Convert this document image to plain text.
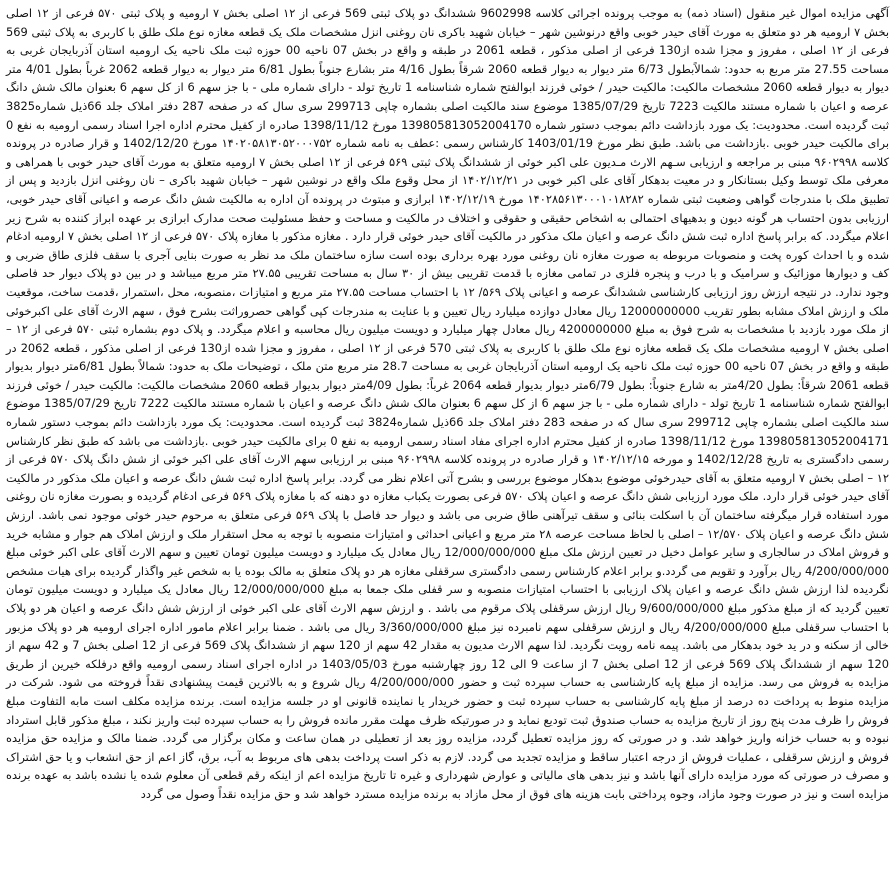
آگهی مزایده اموال غیر منقول (اسناد ذمه) به موجب پرونده اجرائی کلاسه 9602998 ششدانگ دو پلاک ثبتی 569 فرعی از ۱۲ اصلی بخش ۷ ارومیه و پلاک ثبتی ۵۷۰ فرعی از ۱۲ اصلی بخش ۷ ارومیه هر دو متعلق به مورث آقای حیدر خوبی واقع درنوشین شهر – خیابان شهید باکری نان روغنی انزل مشخصات ملک یک قطعه مغازه نوع ملک طلق با کاربری به پلاک ثبتی 569 فرعی از ۱۲ اصلی ، مفروز و مجزا شده از130 فرعی از اصلی مذکور ، قطعه 2061 در طبقه و واقع در بخش 07 ناحیه 00 حوزه ثبت ملک ناحیه یک ارومیه استان آذربایجان غربی به مساحت 27.55 متر مربع به حدود: شمالاًبطول 6/73 متر دیوار به دیوار قطعه 2060 شرقاً بطول 4/16 متر بشارع جنوباً بطول 6/81 متر دیوار به دیوار قطعه 2062 غرباً بطول 4/01 متر دیوار به دیوار قطعه 2060 مشخصات مالکیت: مالکیت حیدر / خوئی فرزند ابوالفتح شماره شناسنامه 1 تاریخ تولد - دارای شماره ملی - با جز سهم 6 از کل سهم 6 بعنوان مالک شش دانگ عرصه و اعیان با شماره مستند مالکیت 7223 تاریخ 1385/07/29 موضوع سند مالکیت اصلی بشماره چاپی 299713 سری سال که در صفحه 287 دفتر املاک جلد 66ذیل شماره3825 ثبت گردیده است. محدودیت: یک مورد بازداشت دائم بموجب دستور شماره 139805813052004170 مورخ 1398/11/12 صادره از کفیل محترم اداره اجرا اسناد رسمی ارومیه به نفع 0 برای مالکیت حیدر خوبی .بازداشت می باشد. طبق نظر مورخ 1403/01/19 کارشناس رسمی :عطف به نامه شماره ۱۴۰۲۰۵۸۱۳۰۵۲۰۰۰۷۵۲ مورخ 1402/12/20 و قرار صادره در پرونده کلاسه ۹۶۰۲۹۹۸ مبنی بر مراجعه و ارزیابی سـهم الارث مـدیون علی اکبر خوئی از ششدانگ پلاک ثبتی ۵۶۹ فرعی از ۱۲ اصلی بخش ۷ ارومیه متعلق به مورث آقای حیدر خوبی با همراهی و معرفی ملک توسط وکیل بستانکار و در معیت بدهکار آقای علی اکبر خوبی در ۱۴۰۲/۱۲/۲۱ از محل وقوع ملک واقع در نوشین شهر – خیابان شهید باکری – نان روغنی انزل بازدید و پس از تطبیق ملک با مندرجات گواهی وضعیت ثبتی شماره ۱۴۰۲۸۵۶۱۳۰۰۰۱۰۱۸۲۸۲ مورخ ۱۴۰۲/۱۲/۱۹ ابرازی و مبتوث در پرونده آن اداره به مالکیت شش دانگ عرصه و اعیانی آقای حیدر خوبی، ارزیابی بدون احتساب هر گونه دیون و بدهیهای احتمالی به اشخاص حقیقی و حقوقی و اختلاف در مالکیت و مساحت و حفظ مسئولیت صحت مدارک ابرازی بر عهده ابراز کننده به شرح زیر اعلام میگردد. که برابر پاسخ اداره ثبت شش دانگ عرصه و اعیان ملک مذکور در مالکیت آقای حیدر خوئی قرار دارد . مغازه مذکور با مغازه پلاک ۵۷۰ فرعی از ۱۲ اصلی بخش ۷ ارومیه ادغام شده و با احداث کوره پخت و منصوبات مربوطه به صورت مغازه نان روغنی مورد بهره برداری بوده است سازه ساختمان ملک مد نظر به صورت بنایی آجری با سقف فلزی طاق ضربی و کف و دیوارها موزائیک و سرامیک و با درب و پنجره فلزی در تمامی مغازه با قدمت تقریبی بیش از ۳۰ سال به مساحت تقریبی ۲۷.۵۵ متر مربع میباشد و در بین دو پلاک دیوار حد فاصلی وجود ندارد. در نتیجه ارزش روز ارزیابی کارشناسی ششدانگ عرصه و اعیانی پلاک ۵۶۹/ ۱۲ با احتساب مساحت ۲۷.۵۵ متر مربع و امتیازات ،منصوبه، محل ،استمرار ،قدمت ساخت، موقعیت ملک و ارزش املاک مشابه بطور تقریب 12000000000 ریال معادل دوازده میلیارد ریال تعیین و با عنایت به مندرجات کپی گواهی حصروراثت بشرح فوق ، سهم الارث آقای علی اکبرخوئی از ملک مورد بازدید با مشخصات به شرح فوق به مبلغ 4200000000 ریال معادل چهار میلیارد و دویست میلیون ریال محاسبه و اعلام میگردد. و پلاک دوم بشماره ثبتی ۵۷۰ فرعی از ۱۲ – اصلی بخش ۷ ارومیه مشخصات ملک یک قطعه مغازه نوع ملک طلق با کاربری به پلاک ثبتی 570 فرعی از ۱۲ اصلی ، مفروز و مجزا شده از130 فرعی از اصلی مذکور ، قطعه 2062 در طبقه و واقع در بخش 07 ناحیه 00 حوزه ثبت ملک ناحیه یک ارومیه استان آذربایجان غربی به مساحت 28.7 متر مربع متن ملک ، توضیحات ملک به حدود: شمالاً بطول 6/81متر دیوار بدیوار قطعه 2061 شرقاً: بطول 4/20متر به شارع جنوباً: بطول 6/79متر دیوار بدیوار قطعه 2064 غرباً: بطول 4/09متر دیوار بدیوار قطعه 2060 مشخصات مالکیت: مالکیت حیدر / خوئی فرزند ابوالفتح شماره شناسنامه 1 تاریخ تولد - دارای شماره ملی - با جز سهم 6 از کل سهم 6 بعنوان مالک شش دانگ عرصه و اعیان با شماره مستند مالکیت 7222 تاریخ 1385/07/29 موضوع سند مالکیت اصلی بشماره چاپی 299712 سری سال که در صفحه 283 دفتر املاک جلد 66ذیل شماره3824 ثبت گردیده است. محدودیت: یک مورد بازداشت دائم بموجب دستور شماره 139805813052004171 مورخ 1398/11/12 صادره از کفیل محترم اداره اجرای مفاد اسناد رسمی ارومیه به نفع 0 برای مالکیت حیدر خوبی .بازداشت می باشد که طبق نظر کارشناس رسمی دادگستری به تاریخ 1402/12/28 و مورخه ۱۴۰۲/۱۲/۱۵ و قرار صادره در پرونده کلاسه ۹۶۰۲۹۹۸ مبنی بر ارزیابی سهم الارث آقای علی اکبر خوئی از شش دانگ پلاک ۵۷۰ فرعی از ۱۲ – اصلی بخش ۷ ارومیه متعلق به آقای حیدرخوئی موضوع بدهکار موضوع بررسی و بشرح آتی اعلام نظر می گردد. برابر پاسخ اداره ثبت شش دانگ عرصه و اعیان ملک مذکور در مالکیت آقای حیدر خوئی قرار دارد. ملک مورد ارزیابی شش دانگ عرصه و اعیان پلاک ۵۷۰ فرعی بصورت یکباب مغازه دو دهنه که با مغازه پلاک ۵۶۹ فرعی ادغام گردیده و بصورت مغازه نان روغنی مورد استفاده قرار میگرفته ساختمان آن با اسکلت بنائی و سقف تیرآهنی طاق ضربی می باشد و دیوار حد فاصل با پلاک ۵۶۹ فرعی متعلق به مرحوم حیدر خوئی موجود نمی باشد. ارزش شش دانگ عرصه و اعیان پلاک ۱۲/۵۷۰ – اصلی با لحاظ مساحت عرصه ۲۸ متر مربع و اعیانی احداثی و امتیازات منصوبه با توجه به محل استقرار ملک و ارزش املاک هم جوار و مشابه خرید و فروش املاک در سالجاری و سایر عوامل دخیل در تعیین ارزش ملک مبلغ 12/000/000/000 ریال معادل یک میلیارد و دویست میلیون تومان تعیین و سهم الارث آقای علی اکبر خوئی مبلغ 4/200/000/000 ریال برآورد و تقویم می گردد.و برابر اعلام کارشناس رسمی دادگستری سرقفلی مغازه هر دو پلاک متعلق به مالک بوده یا به شخص غیر واگذار گردیده برای هیات مشخص نگردیده لذا ارزش شش دانگ عرصه و اعیان پلاک ارزیابی با احتساب امتیازات منصوبه و سر قفلی ملک جمعا به مبلغ 12/000/000/000 ریال معادل یک میلیارد و دویست میلیون تومان تعیین گردید که از مبلغ مذکور مبلغ 9/600/000/000 ریال ارزش سرقفلی پلاک مرقوم می باشد . و ارزش سهم الارث آقای علی اکبر خوئی از ارزش شش دانگ عرصه و اعیان هر دو پلاک با احتساب سرقفلی مبلغ 4/200/000/000 ریال و ارزش سرقفلی سهم نامبرده نیز مبلغ 3/360/000/000 ریال می باشد . ضمنا برابر اعلام مامور اداره اجرای ارومیه هر دو پلاک مزبور خالی از سکنه و در ید خود بدهکار می باشد. پیمه نامه رویت نگردید. لذا سهم الارث مدیون به مقدار 42 سهم از 120 سهم از ششدانگ پلاک 569 فرعی از 12 اصلی بخش 7 و 42 سهم از 120 سهم از ششدانگ پلاک 569 فرعی از 12 اصلی بخش 7 از ساعت 9 الی 12 روز چهارشنبه مورخ 1403/05/03 در اداره اجرای اسناد رسمی ارومیه واقع درفلکه خیرین از طریق مزایده به فروش می رسد. مزایده از مبلغ پایه کارشناسی به حساب سپرده ثبت و حضور 4/200/000/000 ریال شروع و به بالاترین قیمت پیشنهادی نقداً فروخته می شود. شرکت در مزایده منوط به پرداخت ده درصد از مبلغ پایه کارشناسی به حساب سپرده ثبت و حضور خریدار یا نماینده قانونی او در جلسه مزایده است. برنده مزایده مکلف است مابه التفاوت مبلغ فروش را ظرف مدت پنج روز از تاریخ مزایده به حساب صندوق ثبت تودیع نماید و در صورتیکه ظرف مهلت مقرر مانده فروش را به حساب سپرده ثبت واریز نکند ، مبلغ مذکور قابل استرداد نبوده و به حساب خزانه واریز خواهد شد. و در صورتی که روز مزایده تعطیل گردد، مزایده روز بعد از تعطیلی در همان ساعت و مکان برگزار می گردد. ضمنا مالک و مزایده حق مزایده فروش و ارزش سرقفلی ، عملیات فروش از درجه اعتبار ساقط و مزایده تجدید می گردد. لازم به ذکر است پرداخت بدهی های مربوط به آب، برق، گاز اعم از حق انشعاب و یا حق اشتراک و مصرف در صورتی که مورد مزایده دارای آنها باشد و نیز بدهی های مالیاتی و عوارض شهرداری و غیره تا تاریخ مزایده اعم از اینکه رقم قطعی آن معلوم شده یا نشده باشد به عهده برنده مزایده است و نیز در صورت وجود مازاد، وجوه پرداختی بابت هزینه های فوق از محل مازاد به برنده مزایده مسترد خواهد شد و حق مزایده نقداً وصول می گردد
